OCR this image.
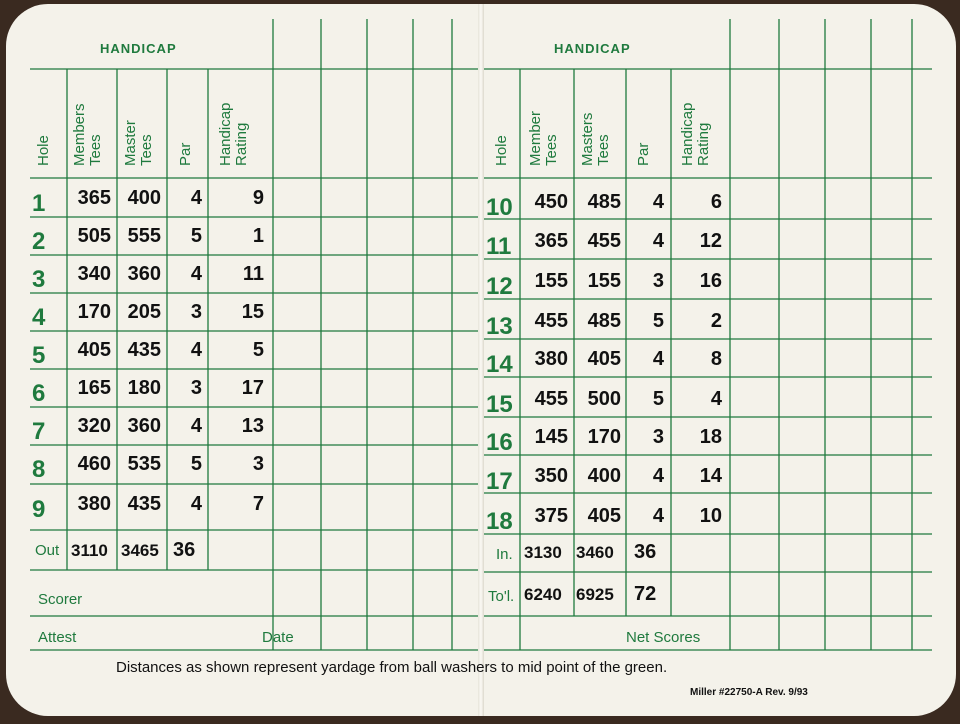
HANDICAP
Hole Members
Tees Master
Tees Par Handicap
Rating
1	365 400	4	9
2	505 555	5	1
3	340 360	4	11
4	170 205	3	15
5	405 435	4	5
6	165 180	3	17
7	320 360	4	13
8	460 535	5	3
9	380 435	4	7
Out 3110 3465 36
Scorer
Attest	Date
HANDICAP
Hole Member
Tees Masters
Tees Par Handicap
Rating
10	450 485	4	6
11	365 455	4	12
12	155 155	3	16
13	455 485	5	2
14	380 405	4	8
15	455 500	5	4
16	145 170	3	18
17	350 400	4	14
18	375 405	4	10
In. 3130 3460 36
To'l. 6240 6925 72
Net Scores
Distances as shown represent yardage from ball washers to mid point of the green.
Miller #22750-A Rev. 9/93
